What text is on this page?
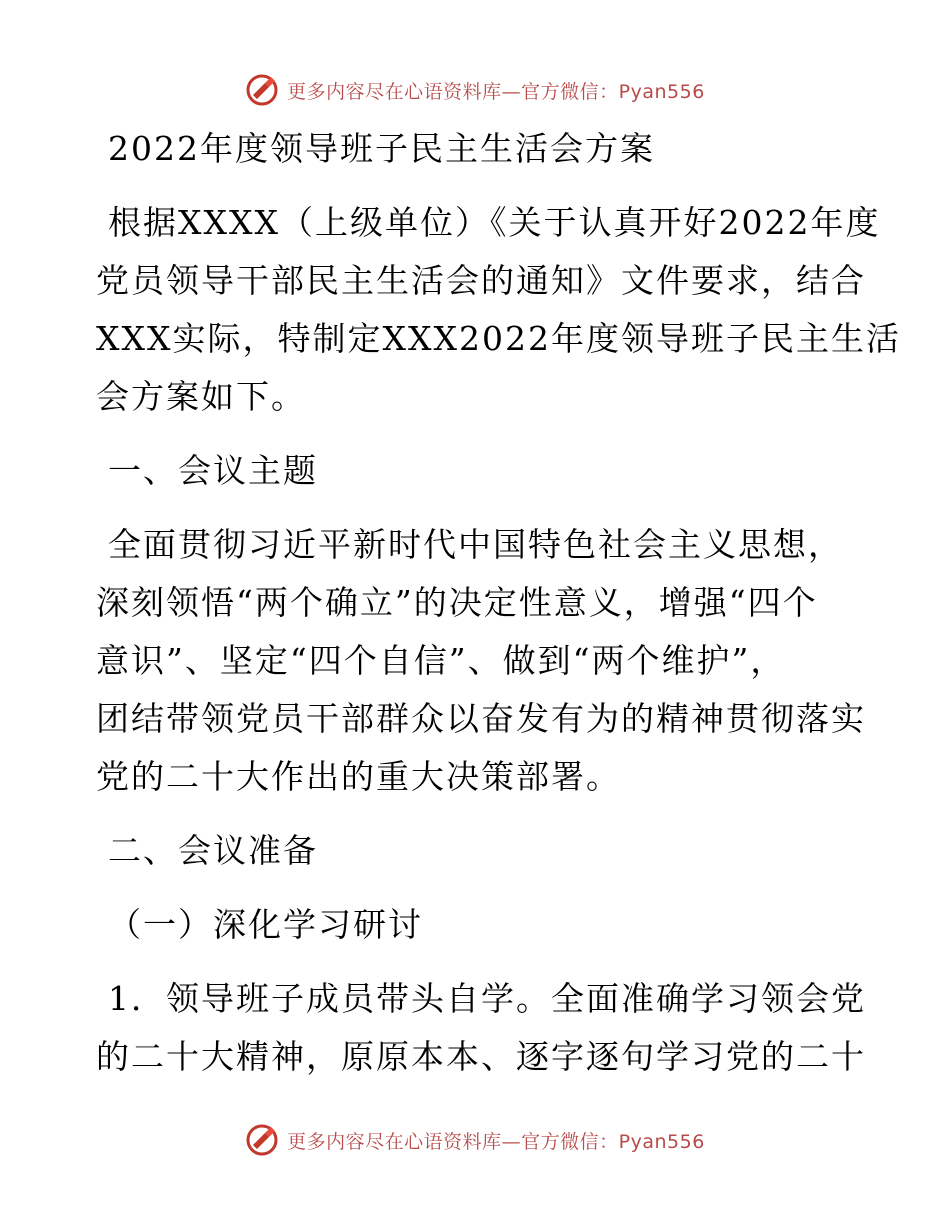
更多内容尽在心语资料库—官方微信：Pyan556
2022年度领导班子民主生活会方案
根据XXXX（上级单位）《关于认真开好2022年度
党员领导干部民主生活会的通知》文件要求，结合
XXX实际，特制定XXX2022年度领导班子民主生活
会方案如下。
一、会议主题
全面贯彻习近平新时代中国特色社会主义思想，
深刻领悟“两个确立”的决定性意义，增强“四个
意识”、坚定“四个自信”、做到“两个维护”，
团结带领党员干部群众以奋发有为的精神贯彻落实
党的二十大作出的重大决策部署。
二、会议准备
（一）深化学习研讨
1．领导班子成员带头自学。全面准确学习领会党
的二十大精神，原原本本、逐字逐句学习党的二十
更多内容尽在心语资料库—官方微信：Pyan556
